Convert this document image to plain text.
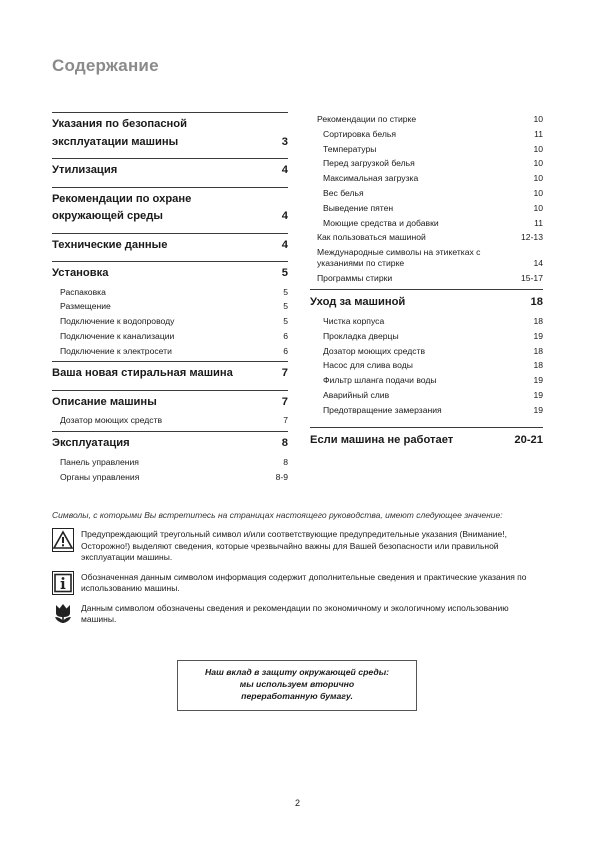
Содержание
Указания по безопасной эксплуатации машины	3
Утилизация	4
Рекомендации по охране окружающей среды	4
Технические данные	4
Установка	5
Распаковка	5
Размещение	5
Подключение к водопроводу	5
Подключение к канализации	6
Подключение к электросети	6
Ваша новая стиральная машина	7
Описание машины	7
Дозатор моющих средств	7
Эксплуатация	8
Панель управления	8
Органы управления	8-9
Рекомендации по стирке	10
Сортировка белья	11
Температуры	10
Перед загрузкой белья	10
Максимальная загрузка	10
Вес белья	10
Выведение пятен	10
Моющие средства и добавки	11
Как пользоваться машиной	12-13
Международные символы на этикетках с указаниями по стирке	14
Программы стирки	15-17
Уход за машиной	18
Чистка корпуса	18
Прокладка дверцы	19
Дозатор моющих средств	18
Насос для слива воды	18
Фильтр шланга подачи воды	19
Аварийный слив	19
Предотвращение замерзания	19
Если машина не работает	20-21
Символы, с которыми Вы встретитесь на страницах настоящего руководства, имеют следующее значение:
Предупреждающий треугольный символ и/или соответствующие предупредительные указания (Внимание!, Осторожно!) выделяют сведения, которые чрезвычайно важны для Вашей безопасности или правильной эксплуатации машины.
Обозначенная данным символом информация содержит дополнительные сведения и практические указания по использованию машины.
Данным символом обозначены сведения и рекомендации по экономичному и экологичному использованию машины.
Наш вклад в защиту окружающей среды:
мы используем вторично
переработанную бумагу.
2
